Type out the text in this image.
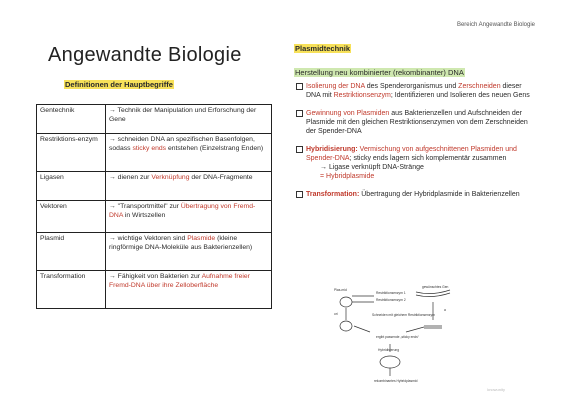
Bereich Angewandte Biologie
Angewandte Biologie
Definitionen der Hauptbegriffe
Gentechnik	→ Technik der Manipulation und Erforschung der Gene
Restriktions-enzym	→ schneiden DNA an spezifischen Basenfolgen, sodass sticky ends entstehen (Einzelstrang Enden)
Ligasen	→ dienen zur Verknüpfung der DNA-Fragmente
Vektoren	→ "Transportmittel" zur Übertragung von Fremd-DNA in Wirtszellen
Plasmid	→ wichtige Vektoren sind Plasmide (kleine ringförmige DNA-Moleküle aus Bakterienzellen)
Transformation	→ Fähigkeit von Bakterien zur Aufnahme freier Fremd-DNA über ihre Zelloberfläche
Plasmidtechnik
Herstellung neu kombinierter (rekombinanter) DNA
Isolierung der DNA des Spenderorganismus und Zerschneiden dieser DNA mit Restriktionsenzym; Identifizieren und Isolieren des neuen Gens
Gewinnung von Plasmiden aus Bakterienzellen und Aufschneiden der Plasmide mit den gleichen Restriktionsenzymen von dem Zerschneiden der Spender-DNA
Hybridisierung: Vermischung von aufgeschnittenen Plasmiden und Spender-DNA; sticky ends lagern sich komplementär zusammen
→ Ligase verknüpft DNA-Stränge
= Hybridplasmide
Transformation: Übertragung der Hybridplasmide in Bakterienzellen
Plas-mid
Restriktionsenzym 1
Restriktionsenzym 2
gewünschtes Gen
ori
a
Schneiden mit gleichem Restriktionsenzym
ergibt passende „sticky ends“
Hybridisierung
rekombinantes Hybridplasmid
knowunity
